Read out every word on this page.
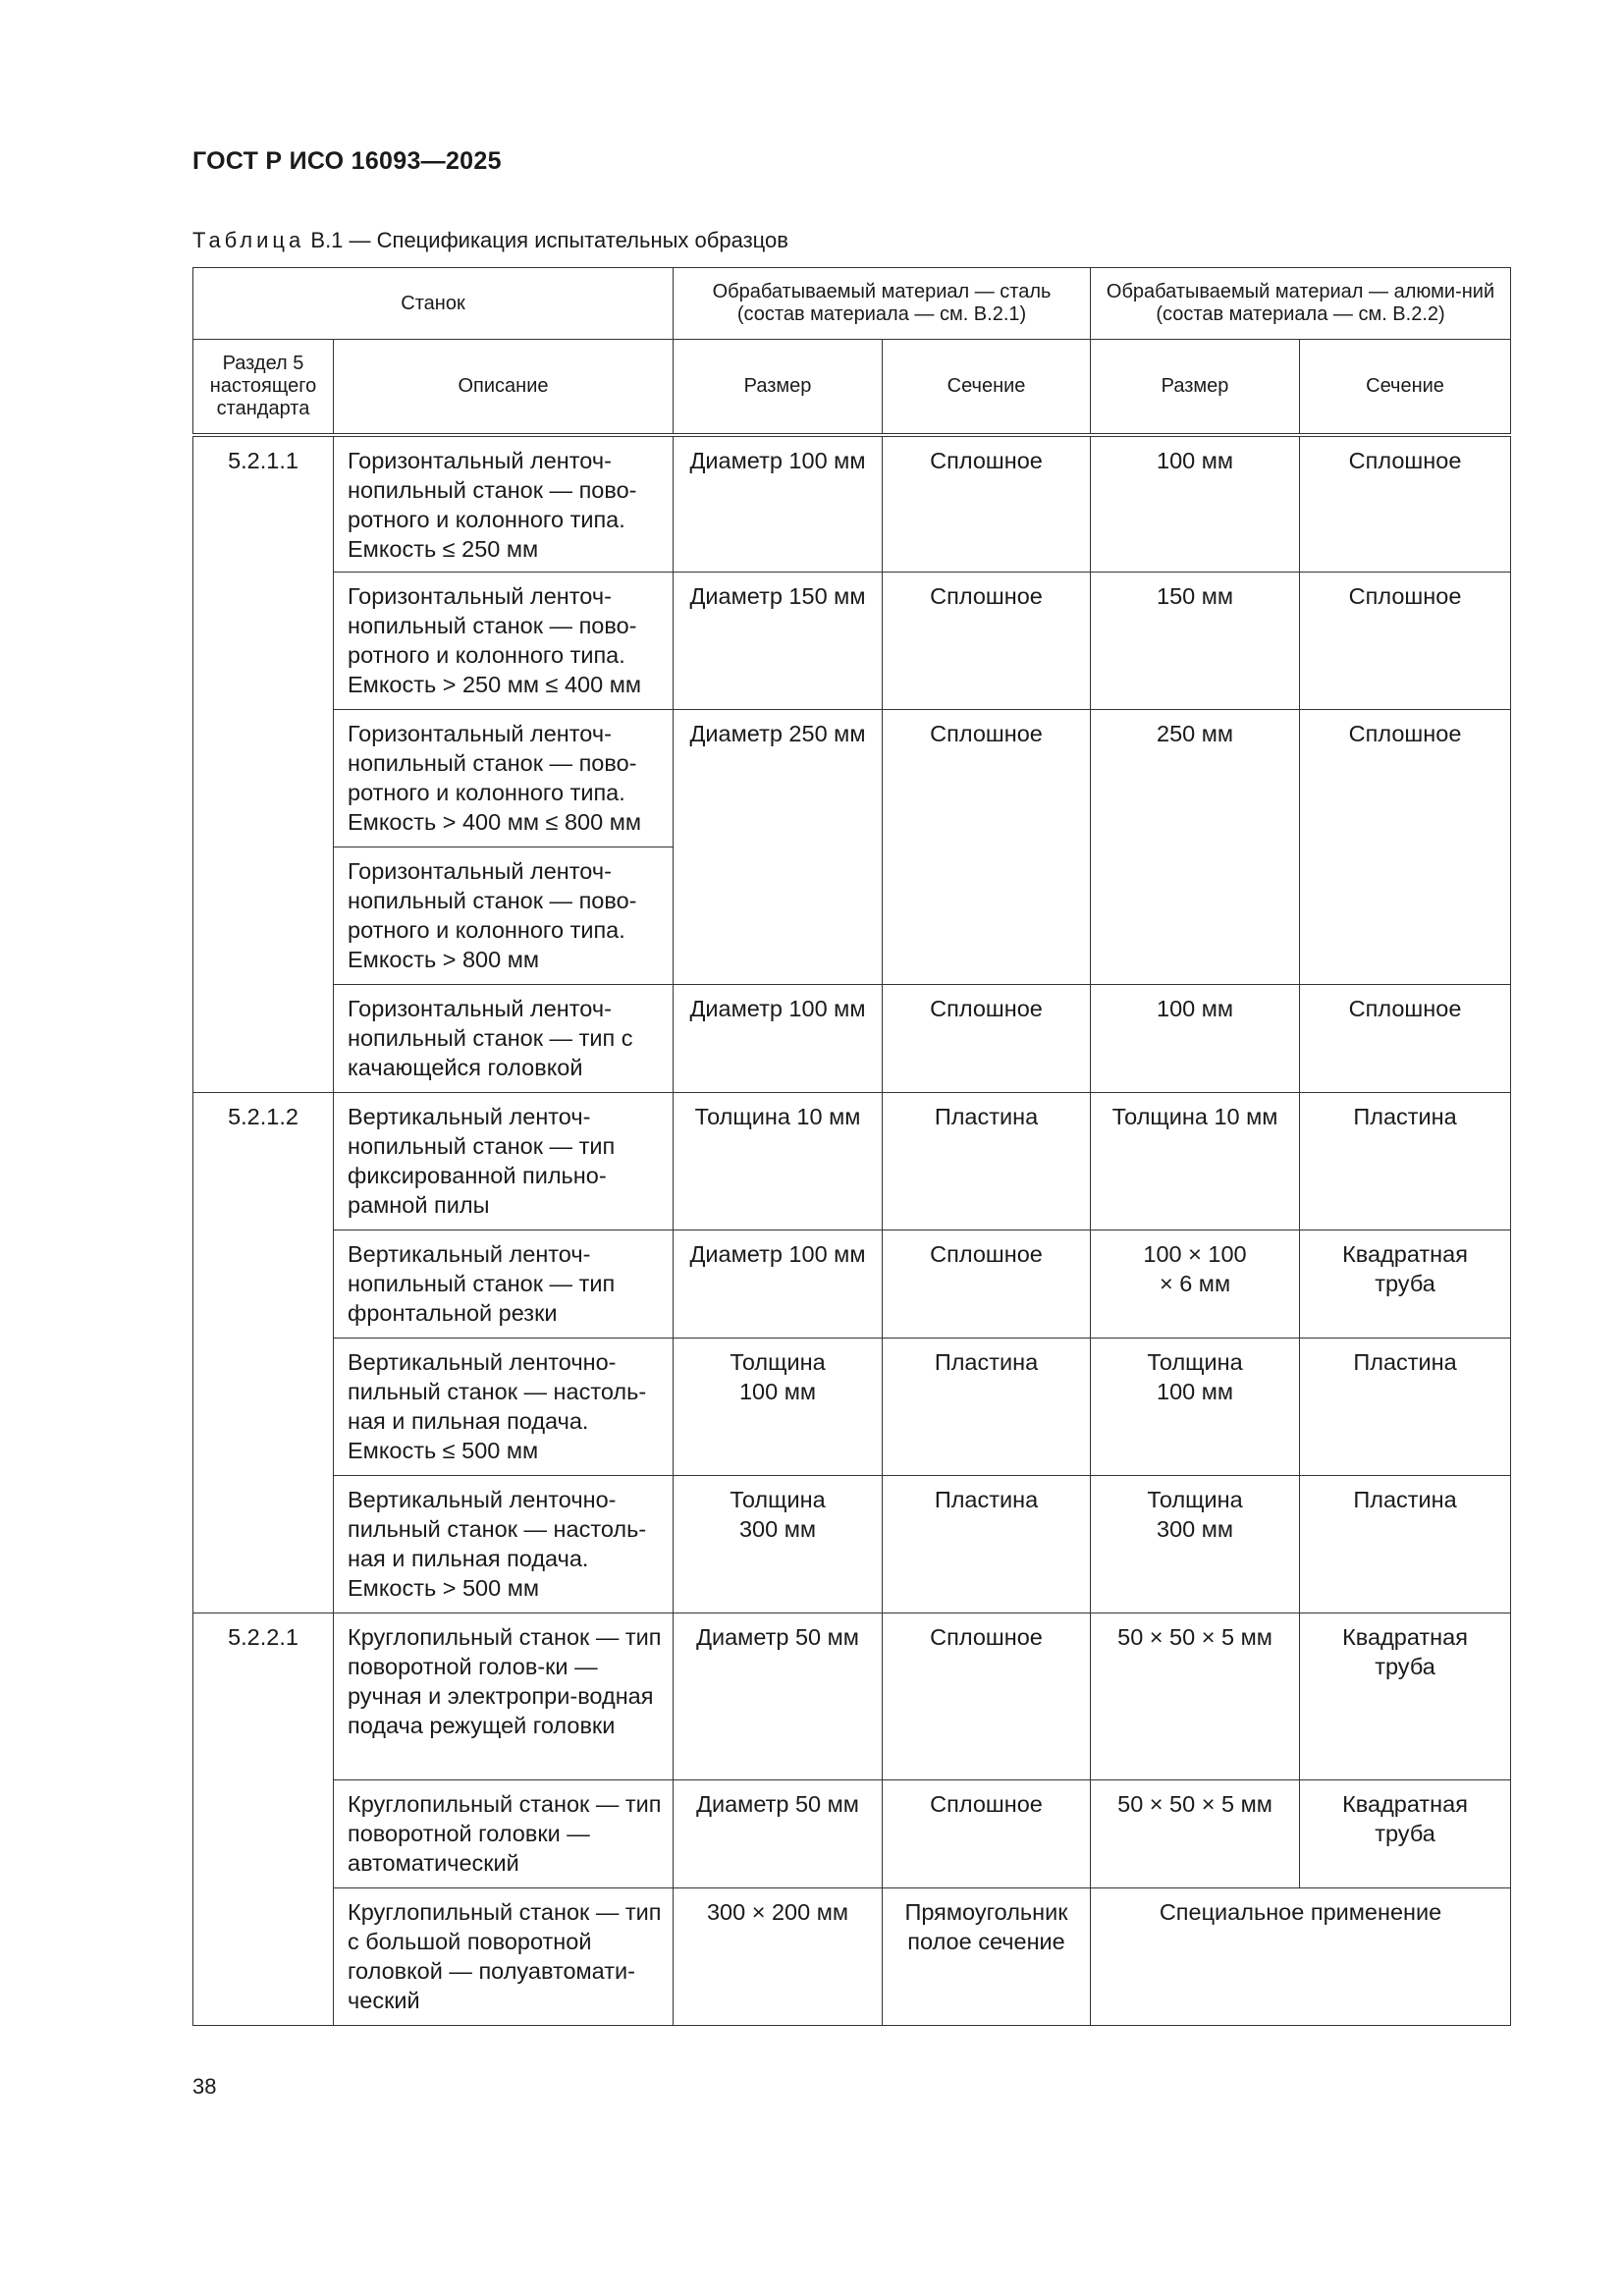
ГОСТ Р ИСО 16093—2025
Таблица В.1 — Спецификация испытательных образцов
Станок		Обрабатываемый материал — сталь (состав материала — см. В.2.1)		Обрабатываемый материал — алюми-ний (состав материала — см. В.2.2)	
Раздел 5 настоящего стандарта	Описание	Размер	Сечение	Размер	Сечение

5.2.1.1	Горизонтальный ленточ-нопильный станок — пово-ротного и колонного типа. Емкость ≤ 250 мм	Диаметр 100 мм	Сплошное	100 мм	Сплошное

	Горизонтальный ленточ-нопильный станок — пово-ротного и колонного типа. Емкость > 250 мм ≤ 400 мм	Диаметр 150 мм	Сплошное	150 мм	Сплошное

	Горизонтальный ленточ-нопильный станок — пово-ротного и колонного типа. Емкость > 400 мм ≤ 800 мм	Диаметр 250 мм	Сплошное	250 мм	Сплошное

	Горизонтальный ленточ-нопильный станок — пово-ротного и колонного типа. Емкость > 800 мм				

	Горизонтальный ленточ-нопильный станок — тип с качающейся головкой	Диаметр 100 мм	Сплошное	100 мм	Сплошное

5.2.1.2	Вертикальный ленточ-нопильный станок — тип фиксированной пильно-рамной пилы	Толщина 10 мм	Пластина	Толщина 10 мм	Пластина

	Вертикальный ленточ-нопильный станок — тип фронтальной резки	Диаметр 100 мм	Сплошное	100 × 100 × 6 мм	Квадратная труба

	Вертикальный ленточно-пильный станок — настоль-ная и пильная подача. Емкость ≤ 500 мм	Толщина 100 мм	Пластина	Толщина 100 мм	Пластина

	Вертикальный ленточно-пильный станок — настоль-ная и пильная подача. Емкость > 500 мм	Толщина 300 мм	Пластина	Толщина 300 мм	Пластина

5.2.2.1	Круглопильный станок — тип поворотной голов-ки — ручная и электропри-водная подача режущей головки	Диаметр 50 мм	Сплошное	50 × 50 × 5 мм	Квадратная труба

	Круглопильный станок — тип поворотной головки — автоматический	Диаметр 50 мм	Сплошное	50 × 50 × 5 мм	Квадратная труба

	Круглопильный станок — тип с большой поворотной головкой — полуавтомати-ческий	300 × 200 мм	Прямоугольник полое сечение	Специальное применение	
38
